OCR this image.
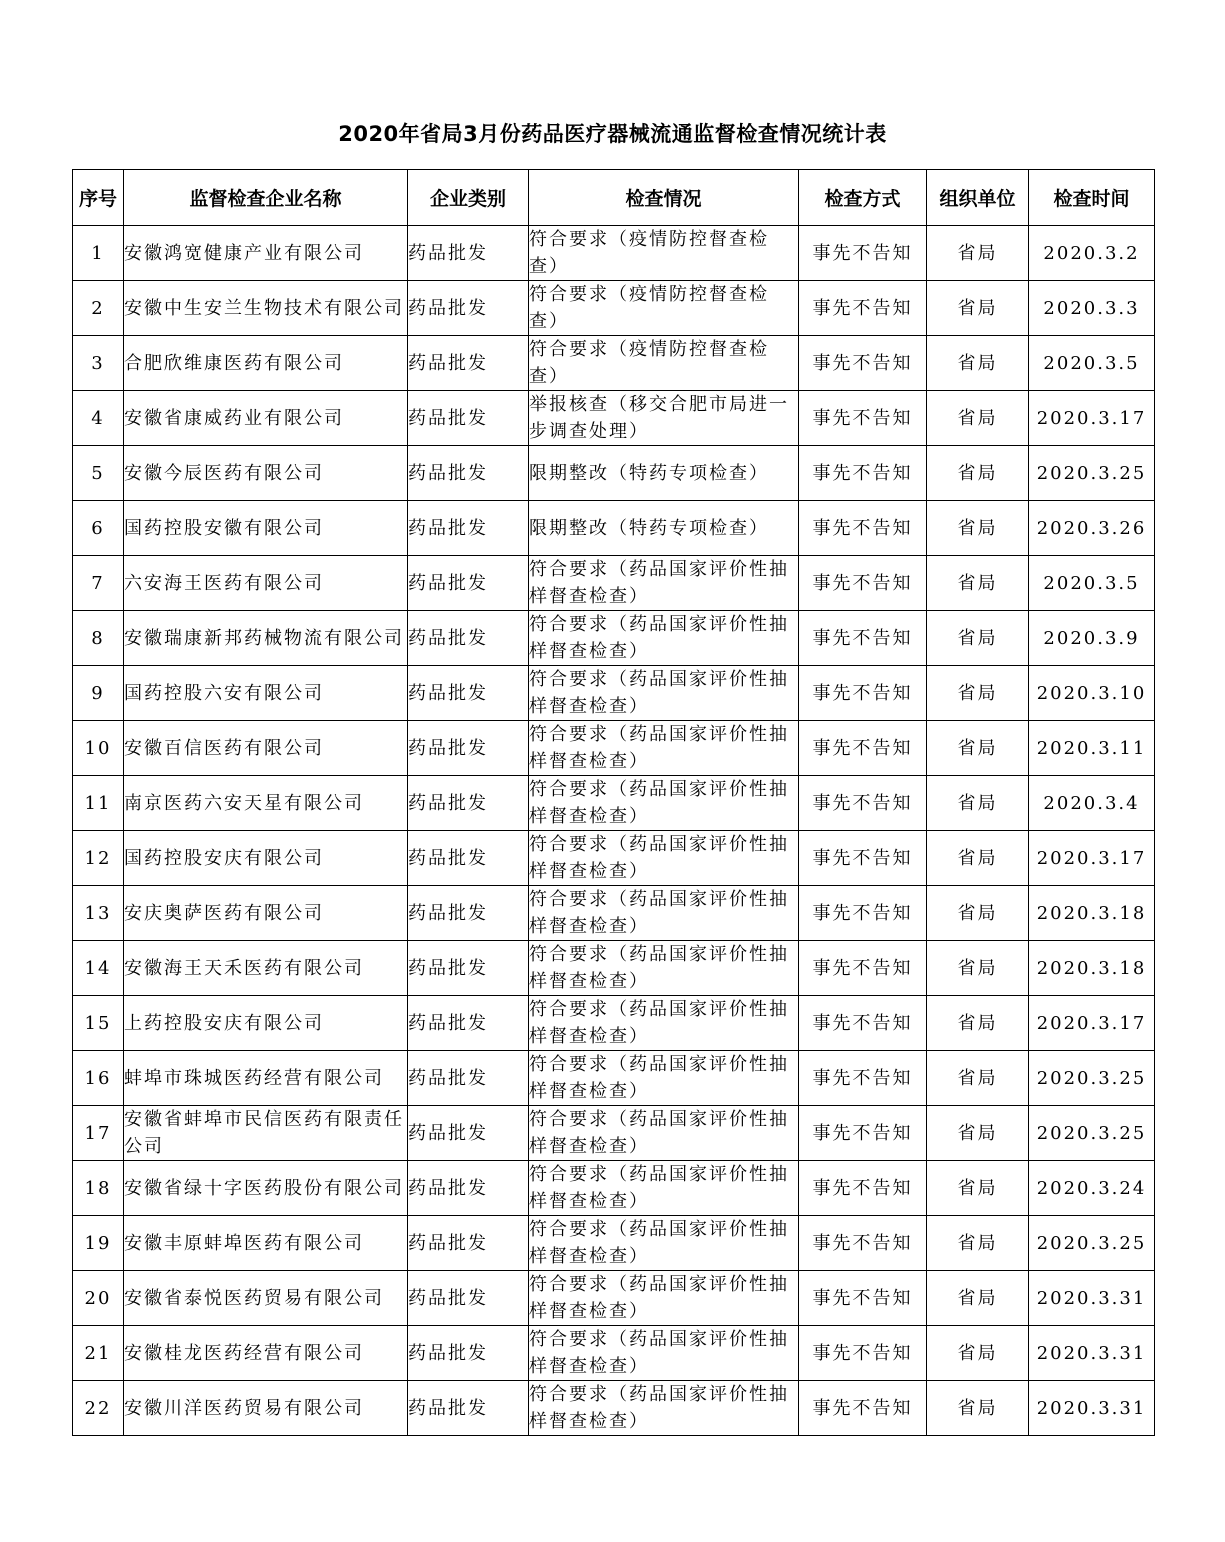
2020年省局3月份药品医疗器械流通监督检查情况统计表
序号	监督检查企业名称	企业类别	检查情况	检查方式	组织单位	检查时间
1	安徽鸿宽健康产业有限公司	药品批发	符合要求（疫情防控督查检查）	事先不告知	省局	2020.3.2
2	安徽中生安兰生物技术有限公司	药品批发	符合要求（疫情防控督查检查）	事先不告知	省局	2020.3.3
3	合肥欣维康医药有限公司	药品批发	符合要求（疫情防控督查检查）	事先不告知	省局	2020.3.5
4	安徽省康威药业有限公司	药品批发	举报核查（移交合肥市局进一步调查处理）	事先不告知	省局	2020.3.17
5	安徽今辰医药有限公司	药品批发	限期整改（特药专项检查）	事先不告知	省局	2020.3.25
6	国药控股安徽有限公司	药品批发	限期整改（特药专项检查）	事先不告知	省局	2020.3.26
7	六安海王医药有限公司	药品批发	符合要求（药品国家评价性抽样督查检查）	事先不告知	省局	2020.3.5
8	安徽瑞康新邦药械物流有限公司	药品批发	符合要求（药品国家评价性抽样督查检查）	事先不告知	省局	2020.3.9
9	国药控股六安有限公司	药品批发	符合要求（药品国家评价性抽样督查检查）	事先不告知	省局	2020.3.10
10	安徽百信医药有限公司	药品批发	符合要求（药品国家评价性抽样督查检查）	事先不告知	省局	2020.3.11
11	南京医药六安天星有限公司	药品批发	符合要求（药品国家评价性抽样督查检查）	事先不告知	省局	2020.3.4
12	国药控股安庆有限公司	药品批发	符合要求（药品国家评价性抽样督查检查）	事先不告知	省局	2020.3.17
13	安庆奥萨医药有限公司	药品批发	符合要求（药品国家评价性抽样督查检查）	事先不告知	省局	2020.3.18
14	安徽海王天禾医药有限公司	药品批发	符合要求（药品国家评价性抽样督查检查）	事先不告知	省局	2020.3.18
15	上药控股安庆有限公司	药品批发	符合要求（药品国家评价性抽样督查检查）	事先不告知	省局	2020.3.17
16	蚌埠市珠城医药经营有限公司	药品批发	符合要求（药品国家评价性抽样督查检查）	事先不告知	省局	2020.3.25
17	安徽省蚌埠市民信医药有限责任公司	药品批发	符合要求（药品国家评价性抽样督查检查）	事先不告知	省局	2020.3.25
18	安徽省绿十字医药股份有限公司	药品批发	符合要求（药品国家评价性抽样督查检查）	事先不告知	省局	2020.3.24
19	安徽丰原蚌埠医药有限公司	药品批发	符合要求（药品国家评价性抽样督查检查）	事先不告知	省局	2020.3.25
20	安徽省泰悦医药贸易有限公司	药品批发	符合要求（药品国家评价性抽样督查检查）	事先不告知	省局	2020.3.31
21	安徽桂龙医药经营有限公司	药品批发	符合要求（药品国家评价性抽样督查检查）	事先不告知	省局	2020.3.31
22	安徽川洋医药贸易有限公司	药品批发	符合要求（药品国家评价性抽样督查检查）	事先不告知	省局	2020.3.31
